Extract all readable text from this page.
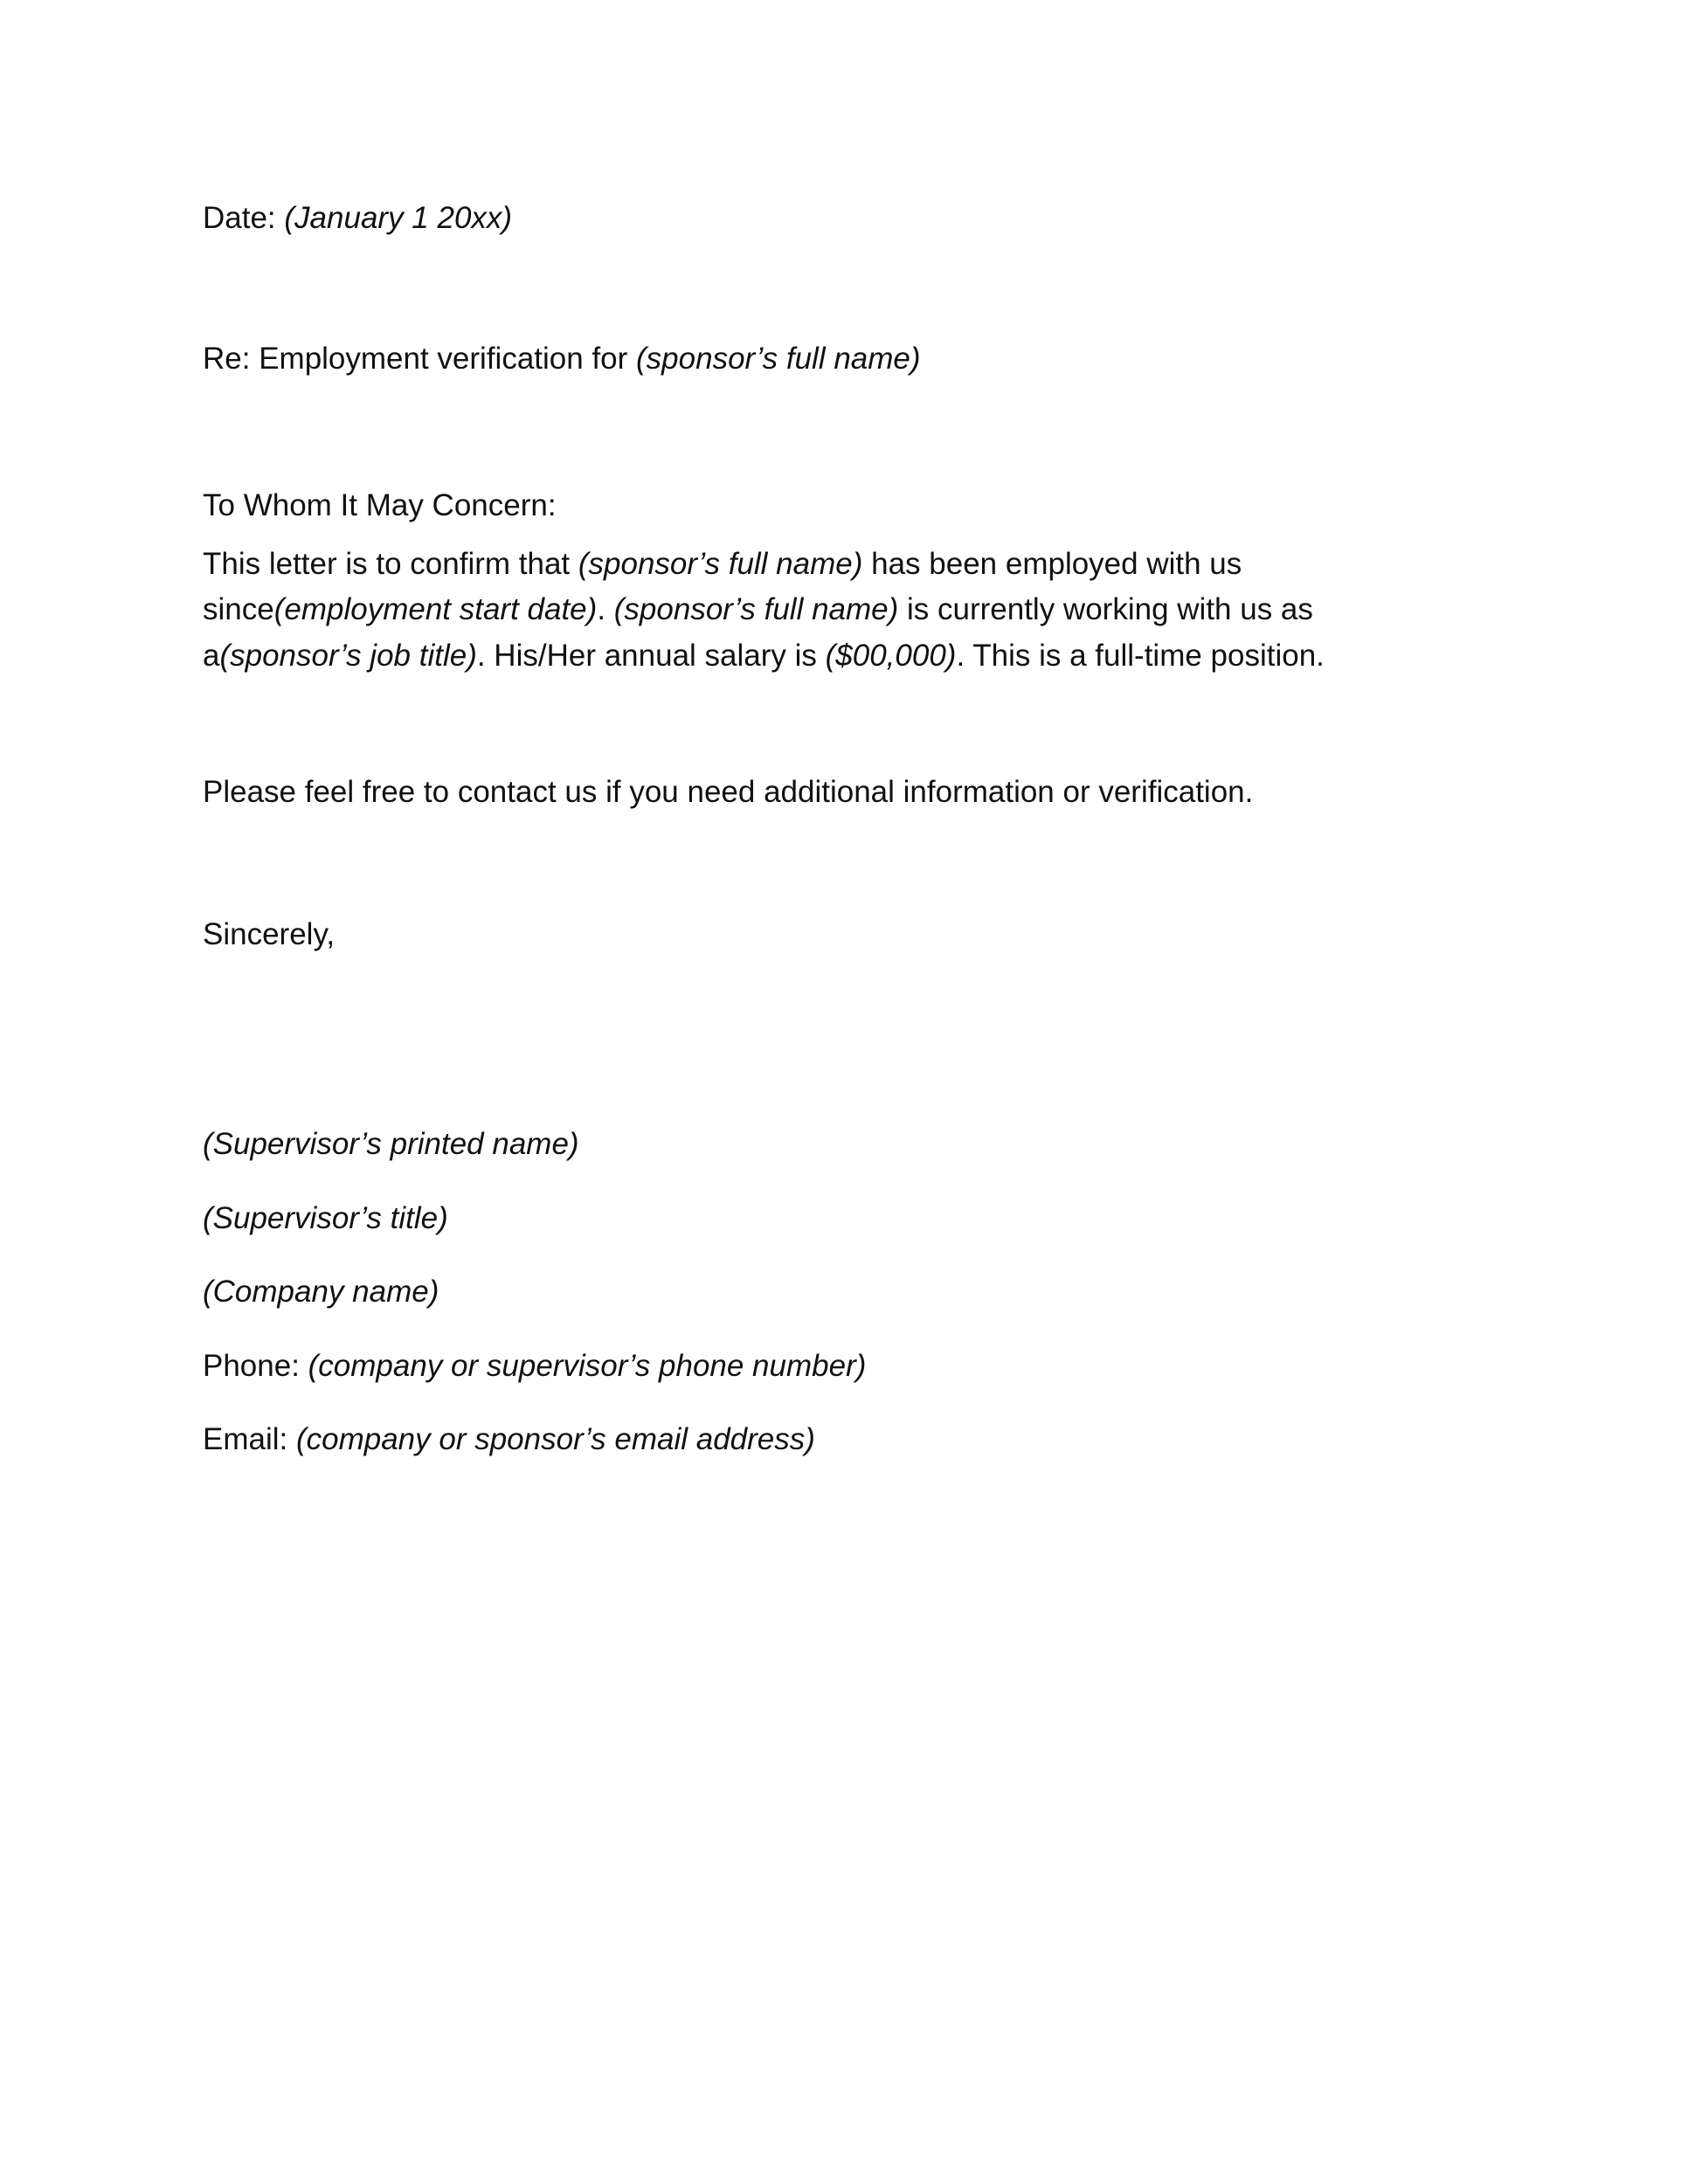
Date: (January 1 20xx)
Re: Employment verification for (sponsor’s full name)
To Whom It May Concern:
This letter is to confirm that (sponsor’s full name) has been employed with us since(employment start date). (sponsor’s full name) is currently working with us as a(sponsor’s job title). His/Her annual salary is ($00,000). This is a full-time position.
Please feel free to contact us if you need additional information or verification.
Sincerely,
(Supervisor’s printed name)
(Supervisor’s title)
(Company name)
Phone: (company or supervisor’s phone number)
Email: (company or sponsor’s email address)
